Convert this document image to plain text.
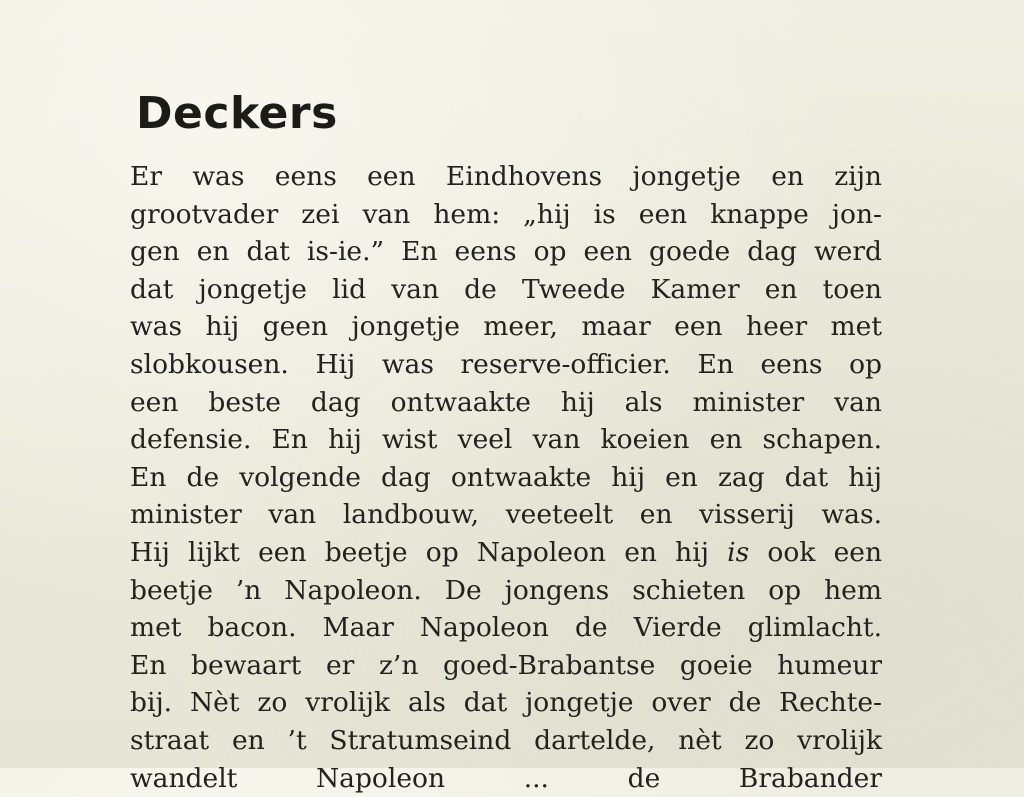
Deckers
Er was eens een Eindhovens jongetje en zijn
grootvader zei van hem: „hij is een knappe jon-
gen en dat is-ie.” En eens op een goede dag werd
dat jongetje lid van de Tweede Kamer en toen
was hij geen jongetje meer, maar een heer met
slobkousen. Hij was reserve-officier. En eens op
een beste dag ontwaakte hij als minister van
defensie. En hij wist veel van koeien en schapen.
En de volgende dag ontwaakte hij en zag dat hij
minister van landbouw, veeteelt en visserij was.
Hij lijkt een beetje op Napoleon en hij is ook een
beetje ’n Napoleon. De jongens schieten op hem
met bacon. Maar Napoleon de Vierde glimlacht.
En bewaart er z’n goed-Brabantse goeie humeur
bij. Nèt zo vrolijk als dat jongetje over de Rechte-
straat en ’t Stratumseind dartelde, nèt zo vrolijk
wandelt Napoleon ... de Brabander
